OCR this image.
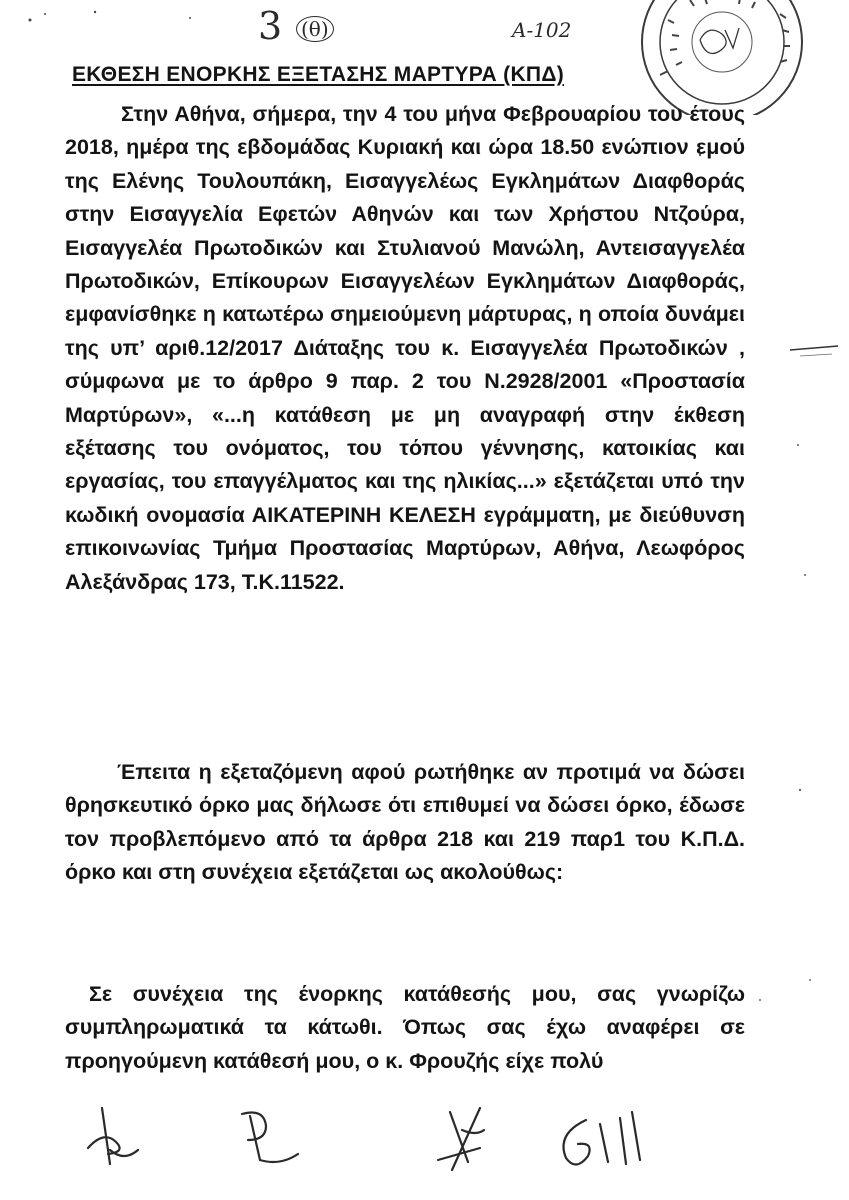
3 (θ)	Α-102
ΕΚΘΕΣΗ ΕΝΟΡΚΗΣ ΕΞΕΤΑΣΗΣ ΜΑΡΤΥΡΑ (ΚΠΔ)

Στην Αθήνα, σήμερα, την 4 του μήνα Φεβρουαρίου του έτους 2018, ημέρα της εβδομάδας Κυριακή και ώρα 18.50 ενώπιον εμού της Ελένης Τουλουπάκη, Εισαγγελέως Εγκλημάτων Διαφθοράς στην Εισαγγελία Εφετών Αθηνών και των Χρήστου Ντζούρα, Εισαγγελέα Πρωτοδικών και Στυλιανού Μανώλη, Αντεισαγγελέα Πρωτοδικών, Επίκουρων Εισαγγελέων Εγκλημάτων Διαφθοράς, εμφανίσθηκε η κατωτέρω σημειούμενη μάρτυρας, η οποία δυνάμει της υπ’ αριθ.12/2017 Διάταξης του κ. Εισαγγελέα Πρωτοδικών , σύμφωνα με το άρθρο 9 παρ. 2 του Ν.2928/2001 «Προστασία Μαρτύρων», «...η κατάθεση με μη αναγραφή στην έκθεση εξέτασης του ονόματος, του τόπου γέννησης, κατοικίας και εργασίας, του επαγγέλματος και της ηλικίας...» εξετάζεται υπό την κωδική ονομασία ΑΙΚΑΤΕΡΙΝΗ ΚΕΛΕΣΗ εγράμματη, με διεύθυνση επικοινωνίας Τμήμα Προστασίας Μαρτύρων, Αθήνα, Λεωφόρος Αλεξάνδρας 173, Τ.Κ.11522.

Έπειτα η εξεταζόμενη αφού ρωτήθηκε αν προτιμά να δώσει θρησκευτικό όρκο μας δήλωσε ότι επιθυμεί να δώσει όρκο, έδωσε τον προβλεπόμενο από τα άρθρα 218 και 219 παρ1 του Κ.Π.Δ. όρκο και στη συνέχεια εξετάζεται ως ακολούθως:

Σε συνέχεια της ένορκης κατάθεσής μου, σας γνωρίζω συμπληρωματικά τα κάτωθι. Όπως σας έχω αναφέρει σε προηγούμενη κατάθεσή μου, ο κ. Φρουζής είχε πολύ
